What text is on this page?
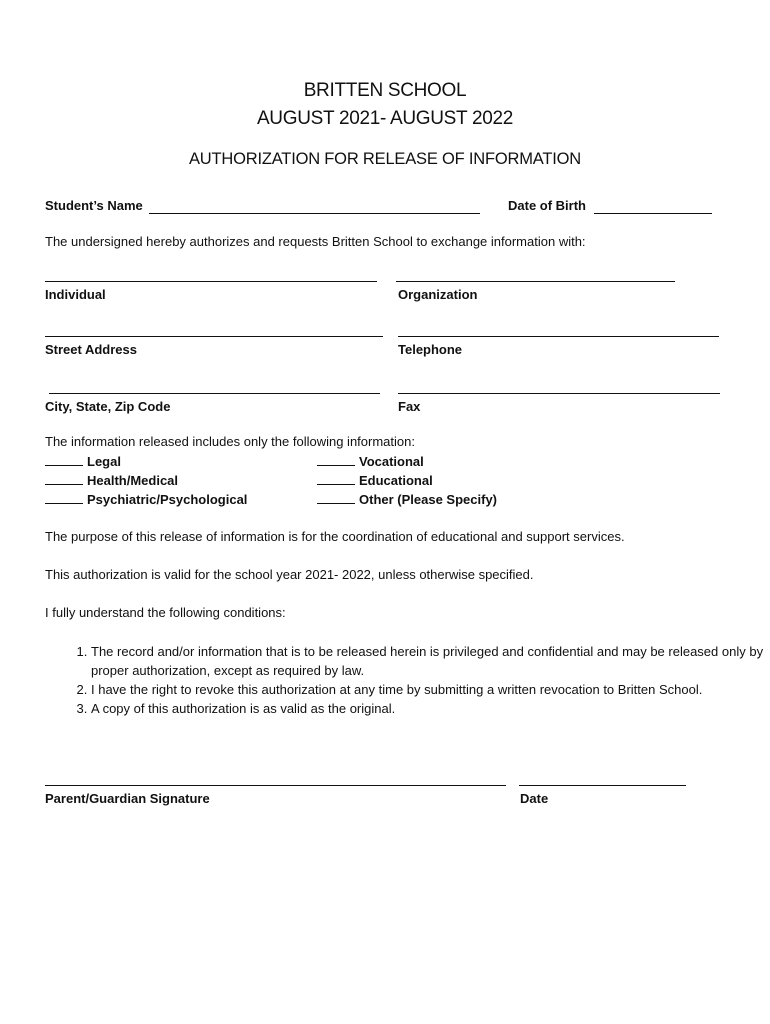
BRITTEN SCHOOL
AUGUST 2021- AUGUST 2022
AUTHORIZATION FOR RELEASE OF INFORMATION
Student’s Name	Date of Birth
The undersigned hereby authorizes and requests Britten School to exchange information with:
Individual	Organization
Street Address	Telephone
City, State, Zip Code	Fax
The information released includes only the following information:
Legal
Health/Medical
Psychiatric/Psychological
Vocational
Educational
Other (Please Specify)
The purpose of this release of information is for the coordination of educational and support services.
This authorization is valid for the school year 2021- 2022, unless otherwise specified.
I fully understand the following conditions:
1. The record and/or information that is to be released herein is privileged and confidential and may be released only by proper authorization, except as required by law.
2. I have the right to revoke this authorization at any time by submitting a written revocation to Britten School.
3. A copy of this authorization is as valid as the original.
Parent/Guardian Signature	Date
